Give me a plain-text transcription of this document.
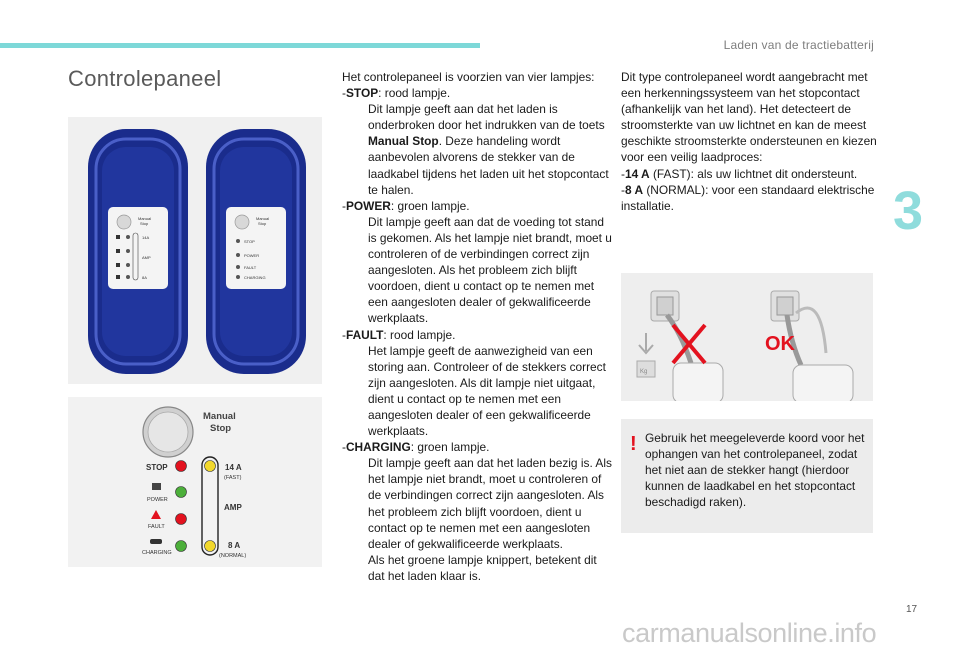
Laden van de tractiebatterij
Controlepaneel
3
Manual
Stop
14A
AMP
8A
Manual
Stop
STOP
POWER
FAULT
CHARGING
Manual
Stop
STOP
POWER
FAULT
CHARGING
14 A
(FAST)
AMP
8 A
(NORMAL)

Het controlepaneel is voorzien van vier lampjes:

-STOP: rood lampje.
Dit lampje geeft aan dat het laden is onderbroken door het indrukken van de toets Manual Stop. Deze handeling wordt aanbevolen alvorens de stekker van de laadkabel tijdens het laden uit het stopcontact te halen.
-POWER: groen lampje.
Dit lampje geeft aan dat de voeding tot stand is gekomen. Als het lampje niet brandt, moet u controleren of de verbindingen correct zijn aangesloten. Als het probleem zich blijft voordoen, dient u contact op te nemen met een aangesloten dealer of gekwalificeerde werkplaats.
-FAULT: rood lampje.
Het lampje geeft de aanwezigheid van een storing aan. Controleer of de stekkers correct zijn aangesloten. Als dit lampje niet uitgaat, dient u contact op te nemen met een aangesloten dealer of een gekwalificeerde werkplaats.
-CHARGING: groen lampje.
Dit lampje geeft aan dat het laden bezig is. Als het lampje niet brandt, moet u controleren of de verbindingen correct zijn aangesloten. Als het probleem zich blijft voordoen, dient u contact op te nemen met een aangesloten dealer of gekwalificeerde werkplaats.
Als het groene lampje knippert, betekent dit dat het laden klaar is.

Dit type controlepaneel wordt aangebracht met een herkenningssysteem van het stopcontact (afhankelijk van het land). Het detecteert de stroomsterkte van uw lichtnet en kan de meest geschikte stroomsterkte ondersteunen en kiezen voor een veilig laadproces:

-14 A (FAST): als uw lichtnet dit ondersteunt.
-8 A (NORMAL): voor een standaard elektrische installatie.
Kg
OK
! Gebruik het meegeleverde koord voor het ophangen van het controlepaneel, zodat het niet aan de stekker hangt (hierdoor kunnen de laadkabel en het stopcontact beschadigd raken).
17
carmanualsonline.info
